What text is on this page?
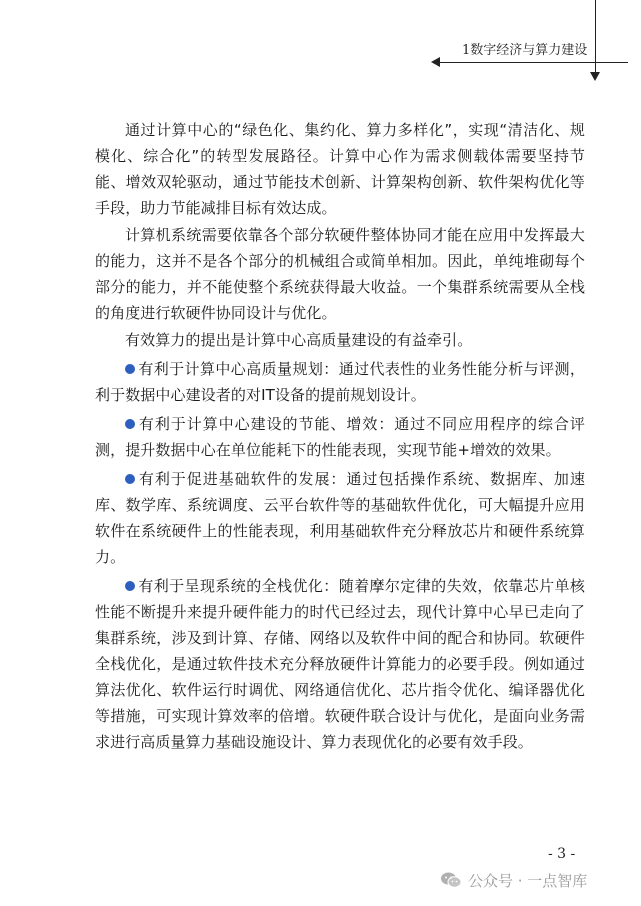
1数字经济与算力建设

通过计算中心的“绿色化、集约化、算力多样化”，实现“清洁化、规模化、综合化”的转型发展路径。计算中心作为需求侧载体需要坚持节能、增效双轮驱动，通过节能技术创新、计算架构创新、软件架构优化等手段，助力节能减排目标有效达成。

计算机系统需要依靠各个部分软硬件整体协同才能在应用中发挥最大的能力，这并不是各个部分的机械组合或简单相加。因此，单纯堆砌每个部分的能力，并不能使整个系统获得最大收益。一个集群系统需要从全栈的角度进行软硬件协同设计与优化。

有效算力的提出是计算中心高质量建设的有益牵引。

有利于计算中心高质量规划：通过代表性的业务性能分析与评测，利于数据中心建设者的对IT设备的提前规划设计。

有利于计算中心建设的节能、增效：通过不同应用程序的综合评测，提升数据中心在单位能耗下的性能表现，实现节能+增效的效果。

有利于促进基础软件的发展：通过包括操作系统、数据库、加速库、数学库、系统调度、云平台软件等的基础软件优化，可大幅提升应用软件在系统硬件上的性能表现，利用基础软件充分释放芯片和硬件系统算力。

有利于呈现系统的全栈优化：随着摩尔定律的失效，依靠芯片单核性能不断提升来提升硬件能力的时代已经过去，现代计算中心早已走向了集群系统，涉及到计算、存储、网络以及软件中间的配合和协同。软硬件全栈优化，是通过软件技术充分释放硬件计算能力的必要手段。例如通过算法优化、软件运行时调优、网络通信优化、芯片指令优化、编译器优化等措施，可实现计算效率的倍增。软硬件联合设计与优化，是面向业务需求进行高质量算力基础设施设计、算力表现优化的必要有效手段。

- 3 -
公众号 · 一点智库
